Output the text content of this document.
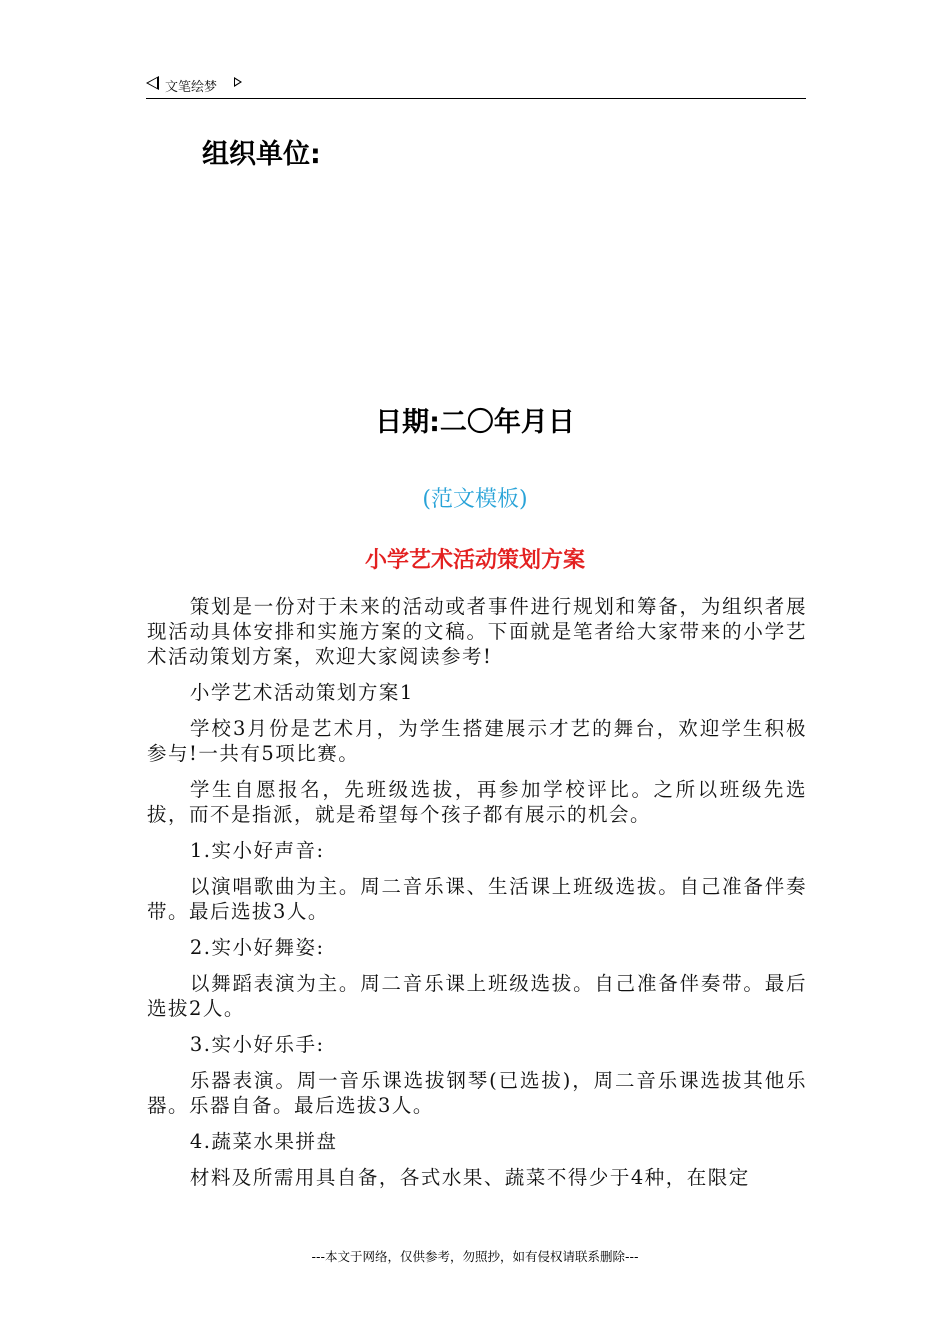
文笔绘梦
组织单位:
日期:二〇年月日
(范文模板)
小学艺术活动策划方案

策划是一份对于未来的活动或者事件进行规划和筹备，为组织者展现活动具体安排和实施方案的文稿。下面就是笔者给大家带来的小学艺术活动策划方案，欢迎大家阅读参考!

小学艺术活动策划方案1

学校3月份是艺术月，为学生搭建展示才艺的舞台，欢迎学生积极参与!一共有5项比赛。

学生自愿报名，先班级选拔，再参加学校评比。之所以班级先选拔，而不是指派，就是希望每个孩子都有展示的机会。

1.实小好声音:

以演唱歌曲为主。周二音乐课、生活课上班级选拔。自己准备伴奏带。最后选拔3人。

2.实小好舞姿:

以舞蹈表演为主。周二音乐课上班级选拔。自己准备伴奏带。最后选拔2人。

3.实小好乐手:

乐器表演。周一音乐课选拔钢琴(已选拔)，周二音乐课选拔其他乐器。乐器自备。最后选拔3人。

4.蔬菜水果拼盘

材料及所需用具自备，各式水果、蔬菜不得少于4种，在限定

---本文于网络，仅供参考，勿照抄，如有侵权请联系删除---
